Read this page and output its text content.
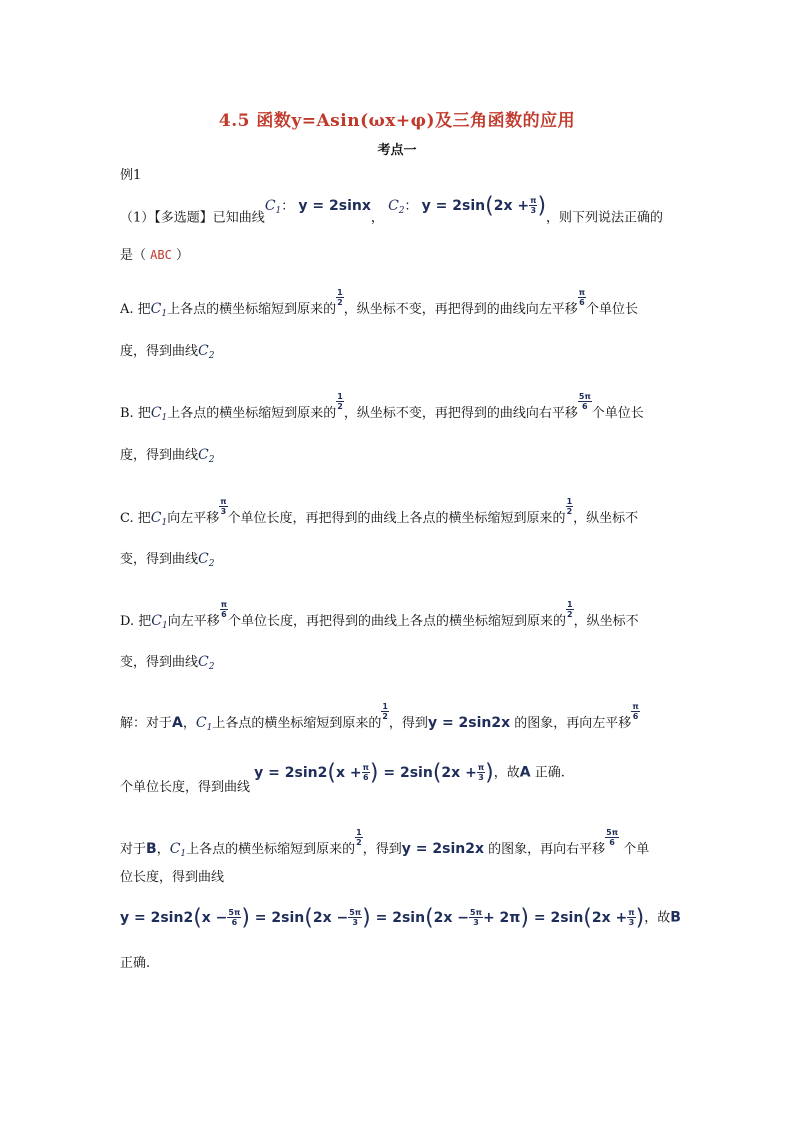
4.5 函数y=Asin(ωx+φ)及三角函数的应用
考点一
例1
（1）【多选题】已知曲线$C_1$： y = 2sinx， $C_2$： $y = 2\sin(2x + \frac{\pi}{3}$ )，则下列说法正确的
是（ ABC ）
A. 把$C_1$上各点的横坐标缩短到原来的
$\frac{1}{2}$
，纵坐标不变，再把得到的曲线向左平移
$\frac{\pi}{6}$
个单位长
度，得到曲线$C_2$
B. 把$C_1$上各点的横坐标缩短到原来的
$\frac{1}{2}$
，纵坐标不变，再把得到的曲线向右平移
$\frac{5\pi}{6}$
个单位长
度，得到曲线$C_2$
C. 把$C_1$向左平移
$\frac{\pi}{3}$
个单位长度，再把得到的曲线上各点的横坐标缩短到原来的
$\frac{1}{2}$
，纵坐标不
变，得到曲线$C_2$
D. 把$C_1$向左平移
$\frac{\pi}{6}$
个单位长度，再把得到的曲线上各点的横坐标缩短到原来的
$\frac{1}{2}$
，纵坐标不
变，得到曲线$C_2$
解：对于A，$C_1$上各点的横坐标缩短到原来的
$\frac{1}{2}$
，得到y = 2sin2x 的图象，再向左平移
$\frac{\pi}{6}$
个单位长度，得到曲线 $y = 2\sin 2(x + \frac{\pi}{6}$ ) = $2\sin(2x + \frac{\pi}{3}$ )，故A 正确.
对于B，$C_1$上各点的横坐标缩短到原来的
$\frac{1}{2}$
，得到y = 2sin2x 的图象，再向右平移
$\frac{5\pi}{6}$
个单
位长度，得到曲线
$y = 2\sin 2(x - \frac{5\pi}{6}$ ) = $2\sin(2x - \frac{5\pi}{3}$ ) = $2\sin(2x - \frac{5\pi}{3} + 2\pi) = 2\sin(2x + \frac{\pi}{3}$ )，故B
正确.
